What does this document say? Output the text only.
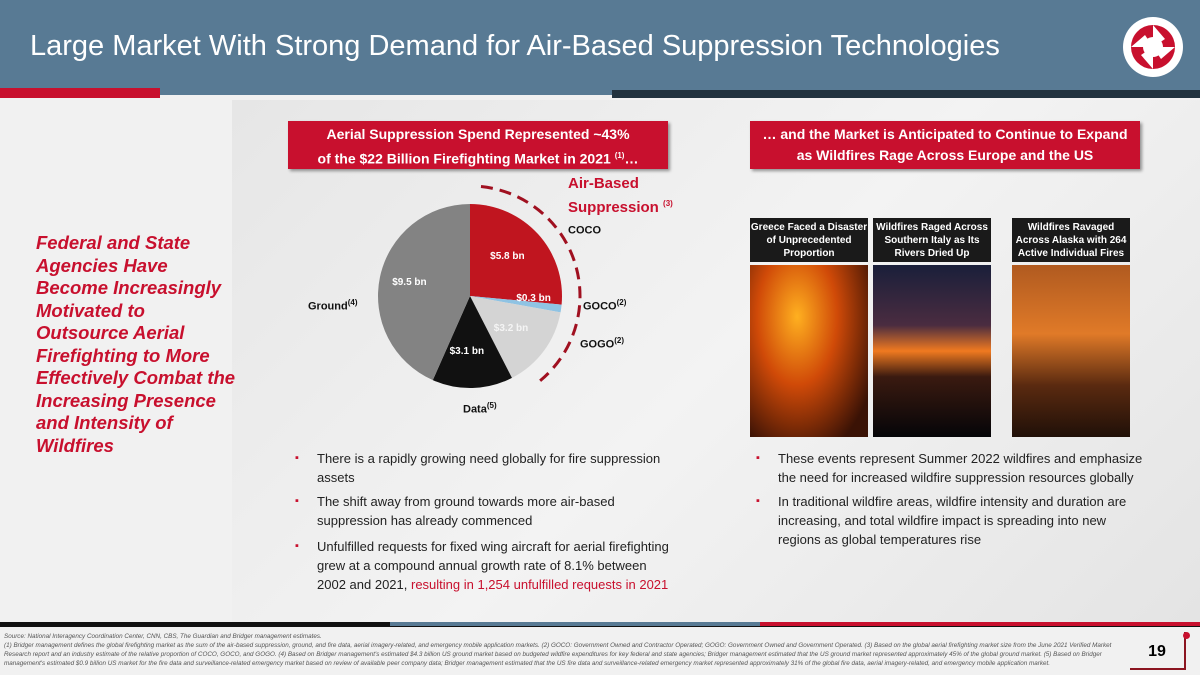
Large Market With Strong Demand for Air-Based Suppression Technologies
Federal and State Agencies Have Become Increasingly Motivated to Outsource Aerial Firefighting to More Effectively Combat the Increasing Presence and Intensity of Wildfires
Aerial Suppression Spend Represented ~43%
of the $22 Billion Firefighting Market in 2021 $^{(1)}$…
… and the Market is Anticipated to Continue to Expand
as Wildfires Rage Across Europe and the US
Air-Based
Suppression $^{(3)}$
$5.8 bn
COCO
$0.3 bn
GOCO$^{(2)}$
$3.2 bn
GOGO$^{(2)}$
$3.1 bn
Data$^{(5)}$
$9.5 bn
Ground$^{(4)}$
Greece Faced a Disaster of Unprecedented Proportion
Wildfires Raged Across Southern Italy as Its Rivers Dried Up
Wildfires Ravaged Across Alaska with 264 Active Individual Fires
▪ There is a rapidly growing need globally for fire suppression assets
▪ The shift away from ground towards more air-based suppression has already commenced
▪ Unfulfilled requests for fixed wing aircraft for aerial firefighting grew at a compound annual growth rate of 8.1% between 2002 and 2021, resulting in 1,254 unfulfilled requests in 2021
▪ These events represent Summer 2022 wildfires and emphasize the need for increased wildfire suppression resources globally
▪ In traditional wildfire areas, wildfire intensity and duration are increasing, and total wildfire impact is spreading into new regions as global temperatures rise
Source: National Interagency Coordination Center, CNN, CBS, The Guardian and Bridger management estimates.
(1) Bridger management defines the global firefighting market as the sum of the air-based suppression, ground, and fire data, aerial imagery-related, and emergency mobile application markets. (2) GOCO: Government Owned and Contractor Operated; GOGO: Government Owned and Government Operated. (3) Based on the global aerial firefighting market size from the June 2021 Verified Market Research report and an industry estimate of the relative proportion of COCO, GOCO, and GOGO. (4) Based on Bridger management's estimated $4.3 billion US ground market based on budgeted wildfire expenditures for key federal and state agencies; Bridger management estimated that the US ground market represented approximately 45% of the global ground market. (5) Based on Bridger management's estimated $0.9 billion US market for the fire data and surveillance-related emergency market based on review of available peer company data; Bridger management estimated that the US fire data and surveillance-related emergency market represented approximately 31% of the global fire data, aerial imagery-related, and emergency mobile application market.
19
